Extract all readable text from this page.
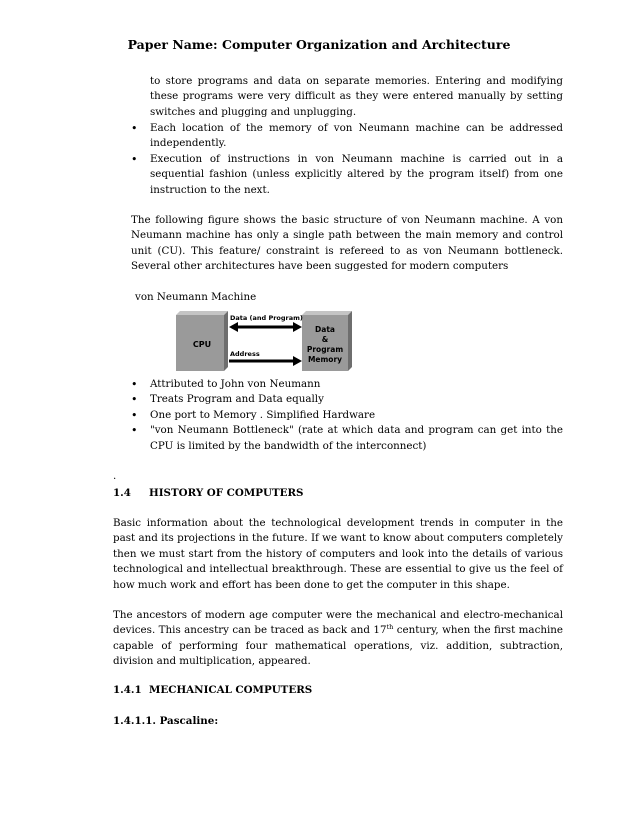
Paper Name: Computer Organization and Architecture
to store programs and data on separate memories. Entering and modifying these programs were very difficult as they were entered manually by setting switches and plugging and unplugging.
• Each location of the memory of von Neumann machine can be addressed independently.
• Execution of instructions in von Neumann machine is carried out in a sequential fashion (unless explicitly altered by the program itself) from one instruction to the next.
The following figure shows the basic structure of von Neumann machine. A von Neumann machine has only a single path between the main memory and control unit (CU). This feature/ constraint is refereed to as von Neumann bottleneck. Several other architectures have been suggested for modern computers
von Neumann Machine
CPU
Data
&
Program
Memory
Data (and Program)
Address
• Attributed to John von Neumann
• Treats Program and Data equally
• One port to Memory . Simplified Hardware
• "von Neumann Bottleneck" (rate at which data and program can get into the CPU is limited by the bandwidth of the interconnect)
.
1.4 HISTORY OF COMPUTERS
Basic information about the technological development trends in computer in the past and its projections in the future. If we want to know about computers completely then we must start from the history of computers and look into the details of various technological and intellectual breakthrough. These are essential to give us the feel of how much work and effort has been done to get the computer in this shape.
The ancestors of modern age computer were the mechanical and electro-mechanical devices. This ancestry can be traced as back and 17th century, when the first machine capable of performing four mathematical operations, viz. addition, subtraction, division and multiplication, appeared.
1.4.1 MECHANICAL COMPUTERS
1.4.1.1. Pascaline:
